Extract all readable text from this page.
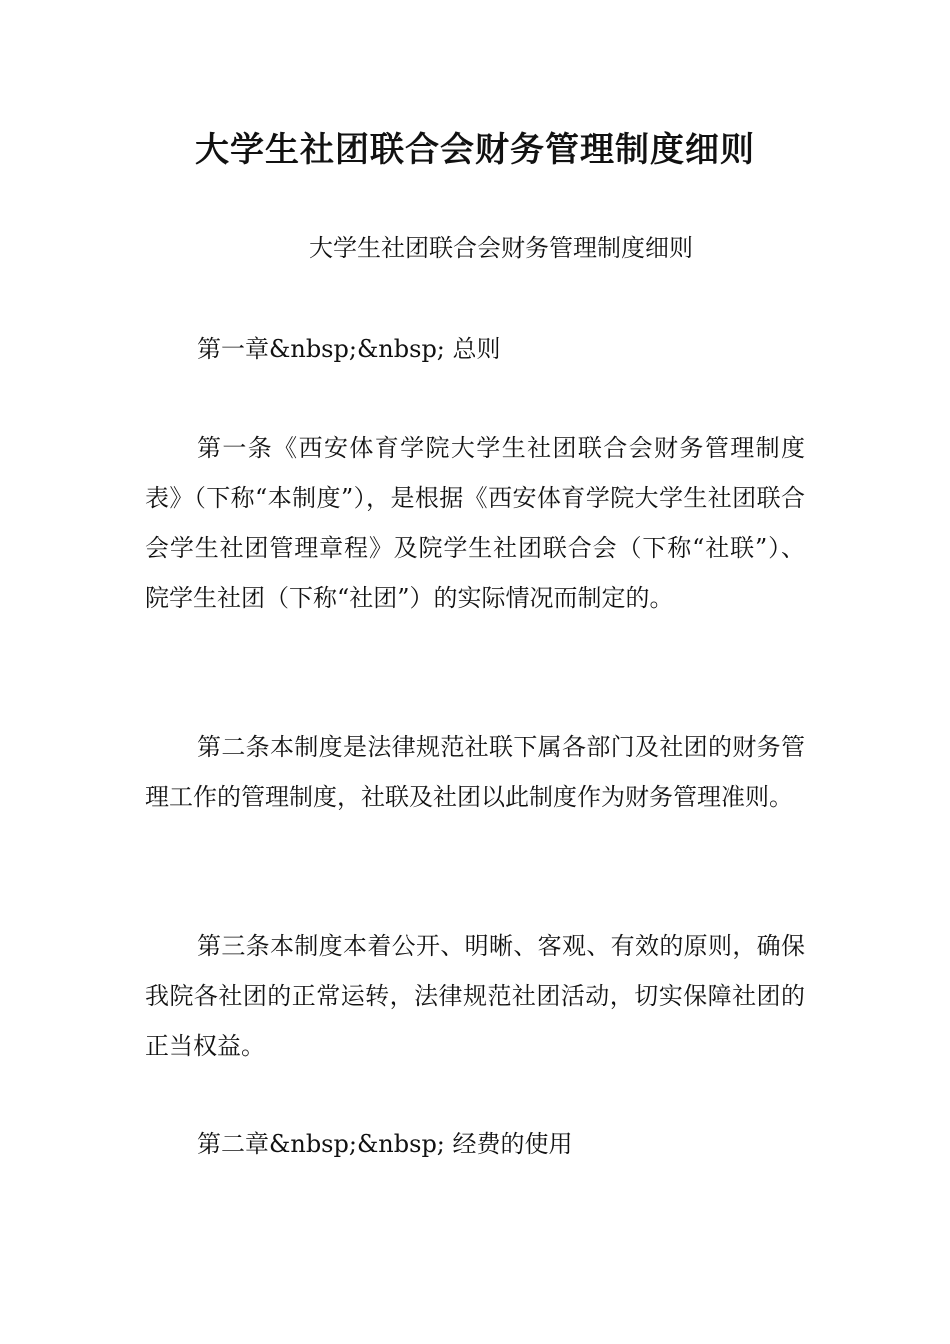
大学生社团联合会财务管理制度细则

大学生社团联合会财务管理制度细则

第一章&nbsp;&nbsp; 总则

第一条《西安体育学院大学生社团联合会财务管理制度表》（下称“本制度”），是根据《西安体育学院大学生社团联合会学生社团管理章程》及院学生社团联合会（下称“社联”）、院学生社团（下称“社团”）的实际情况而制定的。

第二条本制度是法律规范社联下属各部门及社团的财务管理工作的管理制度，社联及社团以此制度作为财务管理准则。

第三条本制度本着公开、明晰、客观、有效的原则，确保我院各社团的正常运转，法律规范社团活动，切实保障社团的正当权益。

第二章&nbsp;&nbsp; 经费的使用
